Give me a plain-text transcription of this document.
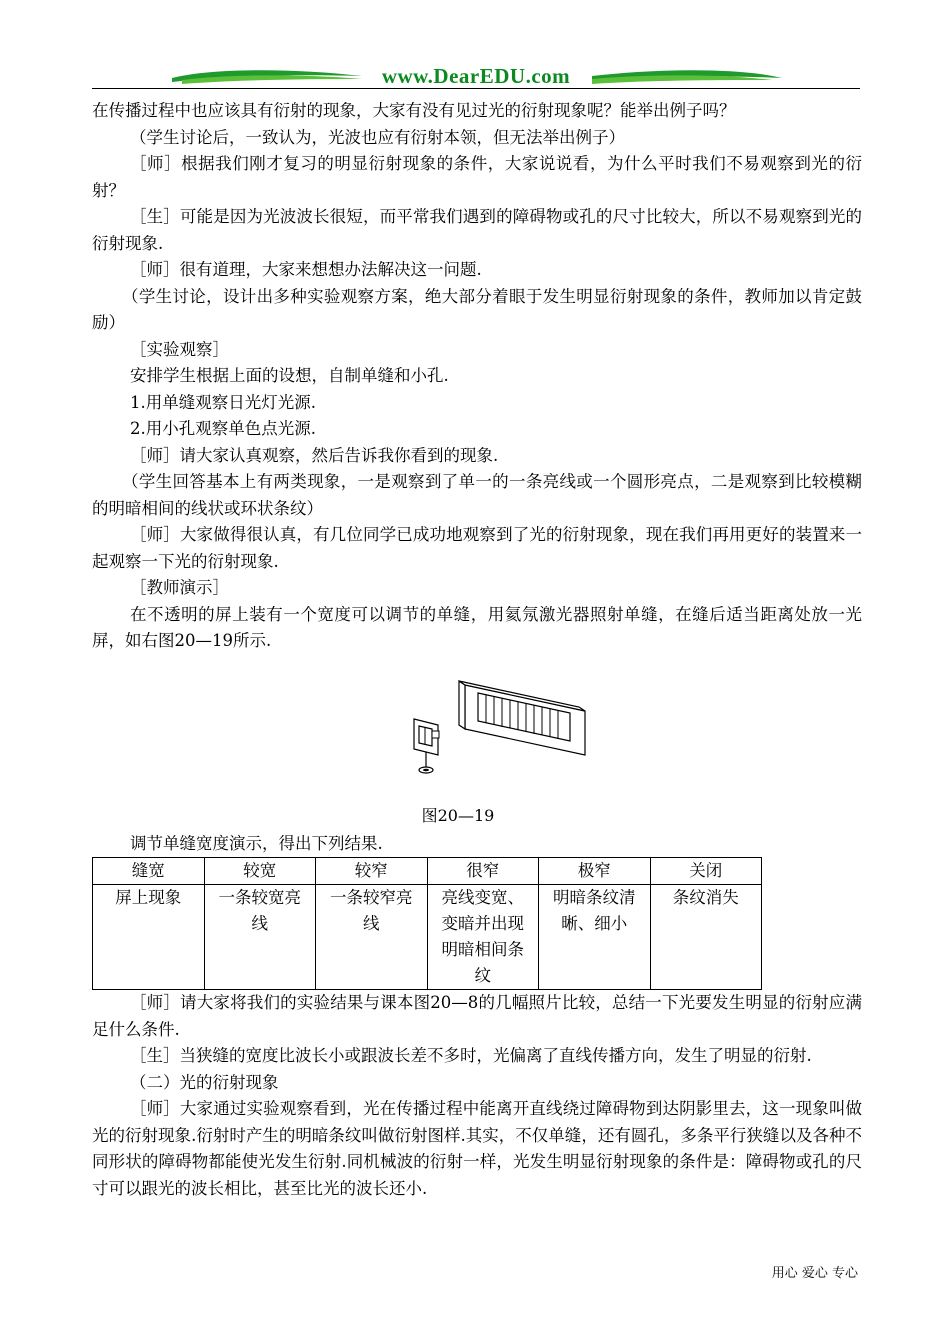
www.DearEDU.com

在传播过程中也应该具有衍射的现象，大家有没有见过光的衍射现象呢？能举出例子吗？

（学生讨论后，一致认为，光波也应有衍射本领，但无法举出例子）

［师］根据我们刚才复习的明显衍射现象的条件，大家说说看，为什么平时我们不易观察到光的衍射？

［生］可能是因为光波波长很短，而平常我们遇到的障碍物或孔的尺寸比较大，所以不易观察到光的衍射现象.

［师］很有道理，大家来想想办法解决这一问题.

（学生讨论，设计出多种实验观察方案，绝大部分着眼于发生明显衍射现象的条件，教师加以肯定鼓励）

［实验观察］

安排学生根据上面的设想，自制单缝和小孔.

1.用单缝观察日光灯光源.

2.用小孔观察单色点光源.

［师］请大家认真观察，然后告诉我你看到的现象.

（学生回答基本上有两类现象，一是观察到了单一的一条亮线或一个圆形亮点，二是观察到比较模糊的明暗相间的线状或环状条纹）

［师］大家做得很认真，有几位同学已成功地观察到了光的衍射现象，现在我们再用更好的装置来一起观察一下光的衍射现象.

［教师演示］

在不透明的屏上装有一个宽度可以调节的单缝，用氦氖激光器照射单缝，在缝后适当距离处放一光屏，如右图20—19所示.

图20—19

调节单缝宽度演示，得出下列结果.

缝宽	较宽	较窄	很窄	极窄	关闭
屏上现象	一条较宽亮线	一条较窄亮线	亮线变宽、变暗并出现明暗相间条纹	明暗条纹清晰、细小	条纹消失

［师］请大家将我们的实验结果与课本图20—8的几幅照片比较，总结一下光要发生明显的衍射应满足什么条件.

［生］当狭缝的宽度比波长小或跟波长差不多时，光偏离了直线传播方向，发生了明显的衍射.

（二）光的衍射现象

［师］大家通过实验观察看到，光在传播过程中能离开直线绕过障碍物到达阴影里去，这一现象叫做光的衍射现象.衍射时产生的明暗条纹叫做衍射图样.其实，不仅单缝，还有圆孔，多条平行狭缝以及各种不同形状的障碍物都能使光发生衍射.同机械波的衍射一样，光发生明显衍射现象的条件是：障碍物或孔的尺寸可以跟光的波长相比，甚至比光的波长还小.

用心 爱心 专心
